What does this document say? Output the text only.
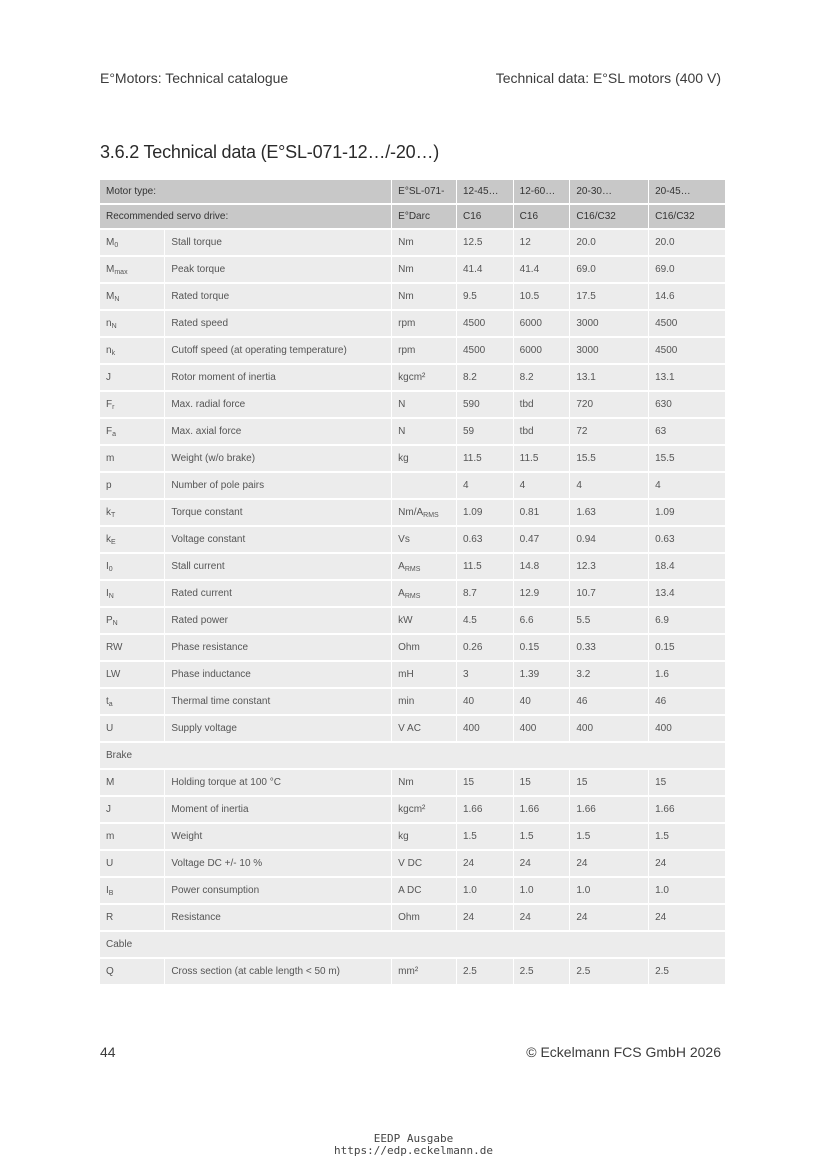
E°Motors: Technical catalogue	Technical data: E°SL motors (400 V)
3.6.2 Technical data (E°SL-071-12…/-20…)
Motor type:		E°SL-071-	12-45…	12-60…	20-30…	20-45…
Recommended servo drive:		E°Darc	C16	C16	C16/C32	C16/C32
$M_0$	Stall torque	Nm	12.5	12	20.0	20.0
$M_{max}$	Peak torque	Nm	41.4	41.4	69.0	69.0
$M_N$	Rated torque	Nm	9.5	10.5	17.5	14.6
$n_N$	Rated speed	rpm	4500	6000	3000	4500
$n_k$	Cutoff speed (at operating temperature)	rpm	4500	6000	3000	4500
J	Rotor moment of inertia	kgcm²	8.2	8.2	13.1	13.1
$F_r$	Max. radial force	N	590	tbd	720	630
$F_a$	Max. axial force	N	59	tbd	72	63
m	Weight (w/o brake)	kg	11.5	11.5	15.5	15.5
p	Number of pole pairs		4	4	4	4
$k_T$	Torque constant	$Nm/A_{RMS}$	1.09	0.81	1.63	1.09
$k_E$	Voltage constant	Vs	0.63	0.47	0.94	0.63
$I_0$	Stall current	$A_{RMS}$	11.5	14.8	12.3	18.4
$I_N$	Rated current	$A_{RMS}$	8.7	12.9	10.7	13.4
$P_N$	Rated power	kW	4.5	6.6	5.5	6.9
RW	Phase resistance	Ohm	0.26	0.15	0.33	0.15
LW	Phase inductance	mH	3	1.39	3.2	1.6
$t_a$	Thermal time constant	min	40	40	46	46
U	Supply voltage	V AC	400	400	400	400
Brake						
M	Holding torque at 100 °C	Nm	15	15	15	15
J	Moment of inertia	kgcm²	1.66	1.66	1.66	1.66
m	Weight	kg	1.5	1.5	1.5	1.5
U	Voltage DC +/- 10 %	V DC	24	24	24	24
$I_B$	Power consumption	A DC	1.0	1.0	1.0	1.0
R	Resistance	Ohm	24	24	24	24
Cable						
Q	Cross section (at cable length < 50 m)	mm²	2.5	2.5	2.5	2.5
44	© Eckelmann FCS GmbH 2026
EEDP Ausgabe
https://edp.eckelmann.de
